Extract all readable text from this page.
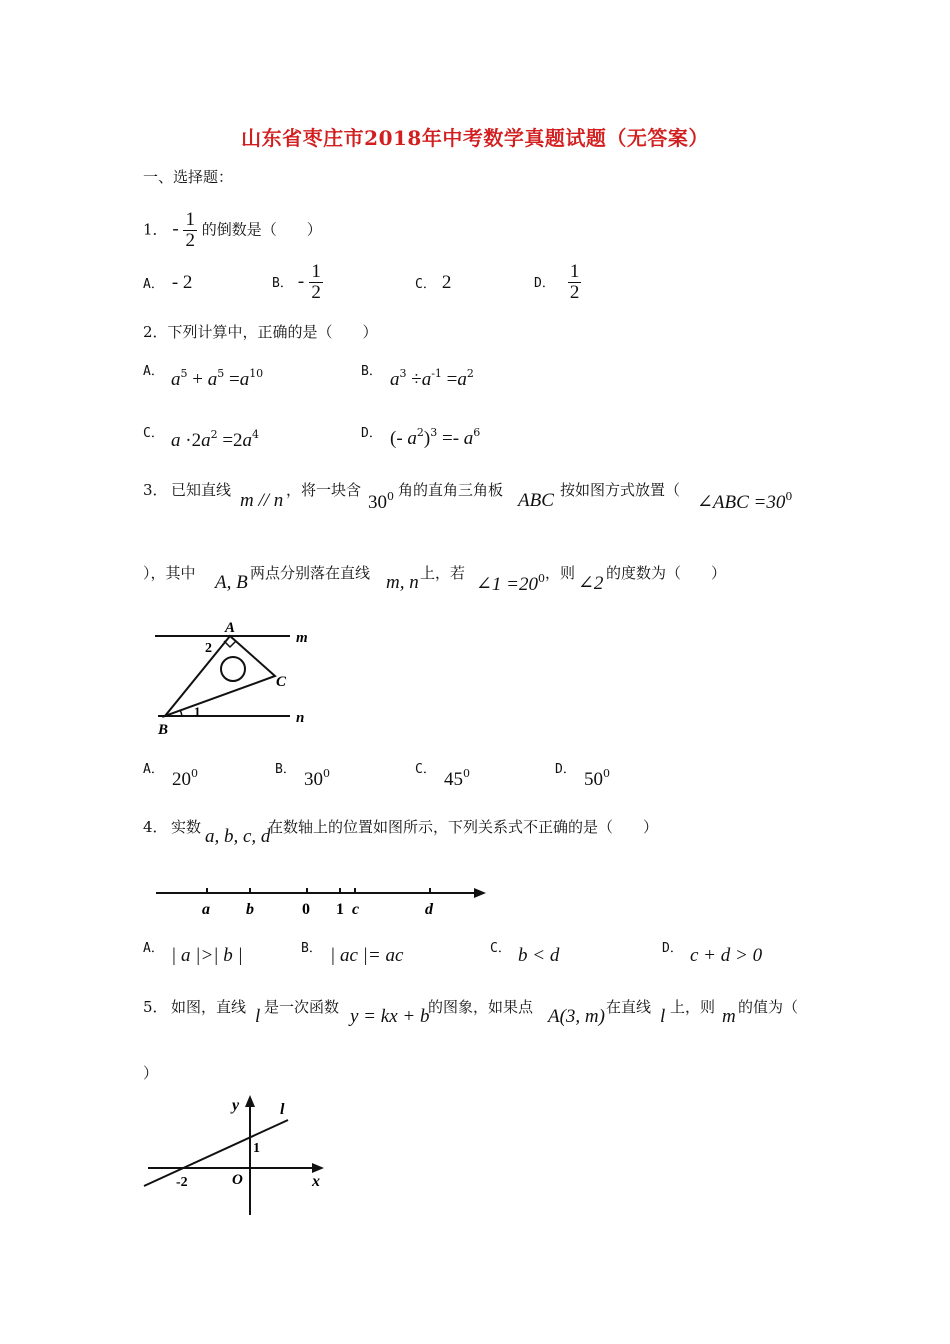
山东省枣庄市2018年中考数学真题试题（无答案）
一、选择题：
1． - $\frac{1}{2}$ 的倒数是（　　）
A． - 2	B． - $\frac{1}{2}$	C． 2	D． $\frac{1}{2}$
2．下列计算中，正确的是（　　）
A． $a^5 + a^5 =a^{10}$	B． $a^3 \div a^{-1} =a^2$
C． $a \cdot 2a^2 =2a^4$	D． (- $a^2)^3 =- a^6$
3． 已知直线 m // n ，将一块含
$30^0$ 角的直角三角板 ABC 按如图方式放置（
∠ABC $=30^0$
），其中 A, B 两点分别落在直线 m, n 上，若
∠1 $=20^0$ ，则 ∠2 的度数为（　　）
A
B
C
m
n
1
2
A． $20^0$	B． $30^0$	C． $45^0$	D． $50^0$
4． 实数 a, b, c, d
在数轴上的位置如图所示，下列关系式不正确的是（　　）
a b	0 1 c	d
A． | a |>| b |	B． | ac |= ac	C． b < d	D． c + d > 0
5． 如图，直线 l 是一次函数 y = kx + b
的图象，如果点 A(3, m) 在直线 l 上，则 m 的值为（
）
y
x
l
O
1
-2
